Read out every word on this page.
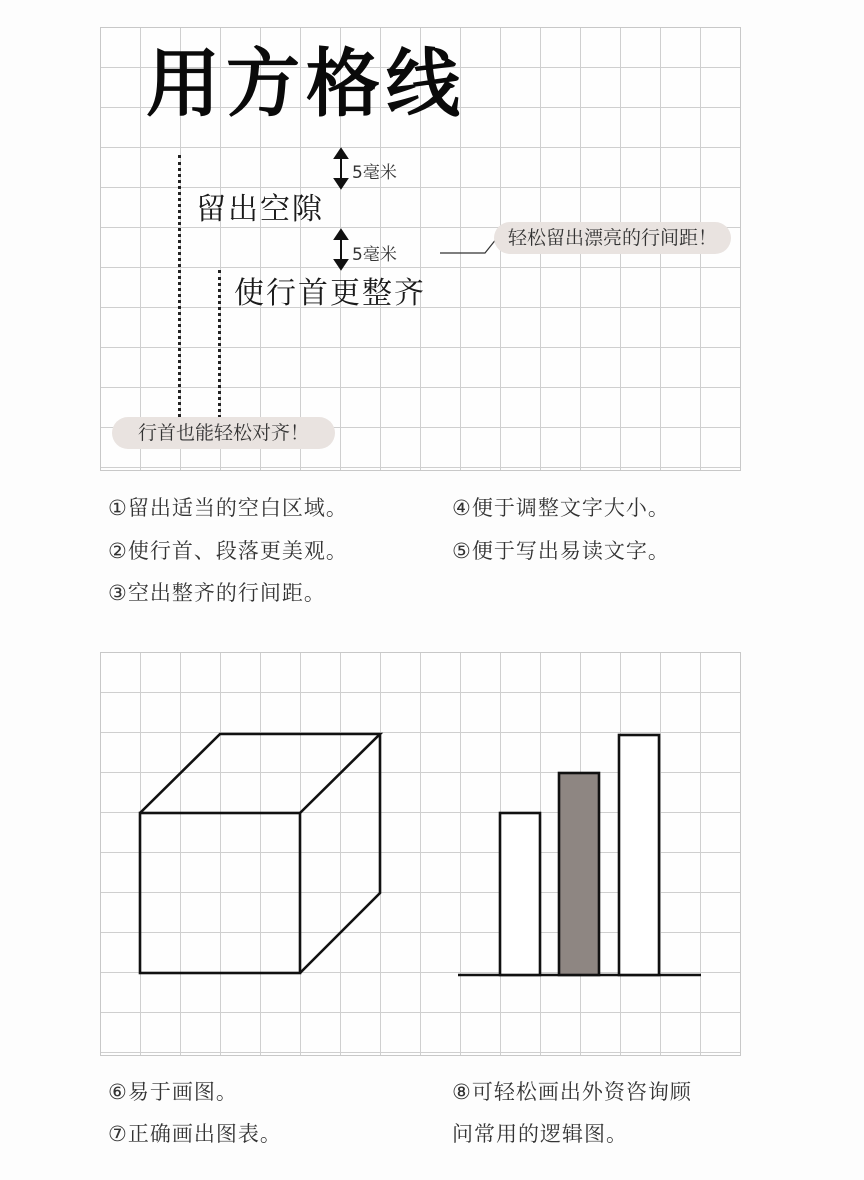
用方格线
5毫米
留出空隙
5毫米
使行首更整齐
轻松留出漂亮的行间距！
行首也能轻松对齐！
①留出适当的空白区域。
②使行首、段落更美观。
③空出整齐的行间距。
④便于调整文字大小。
⑤便于写出易读文字。
⑥易于画图。
⑦正确画出图表。
⑧可轻松画出外资咨询顾
问常用的逻辑图。
